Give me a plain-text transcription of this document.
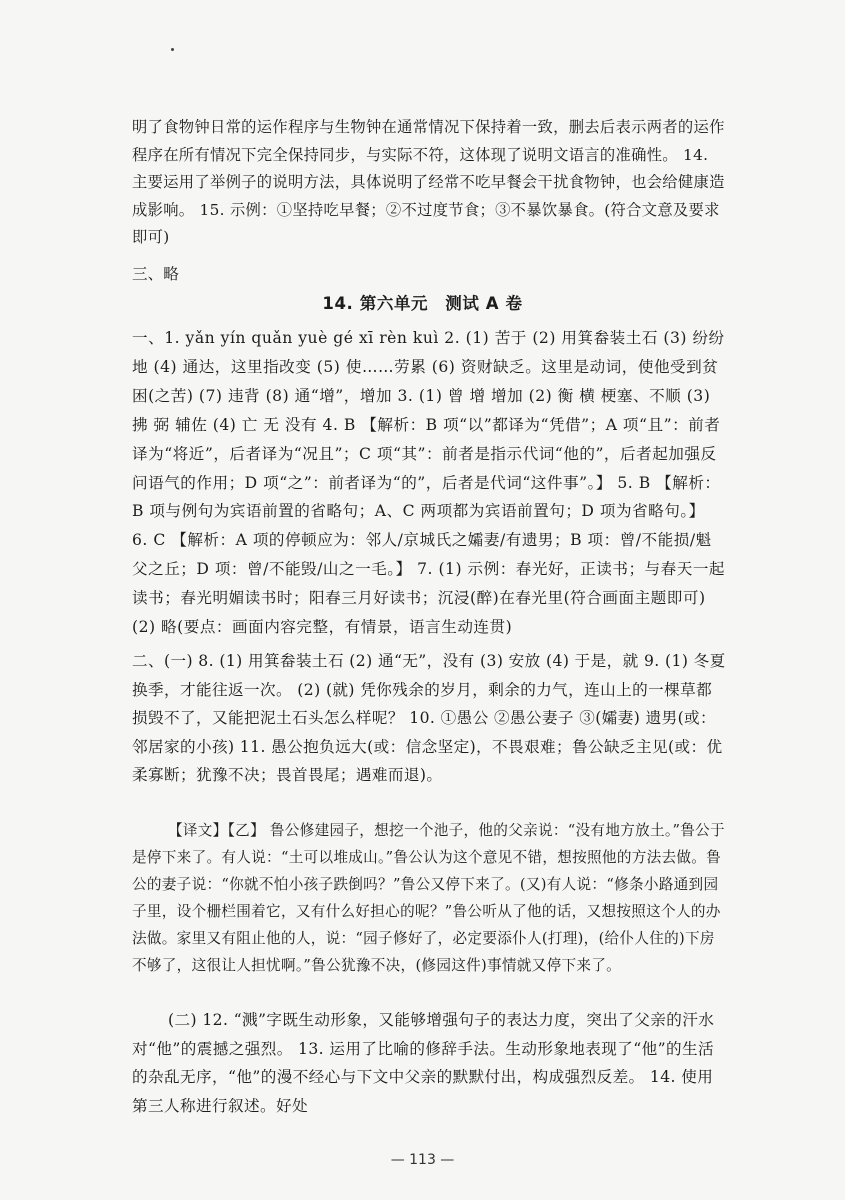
明了食物钟日常的运作程序与生物钟在通常情况下保持着一致，删去后表示两者的运作程序在所有情况下完全保持同步，与实际不符，这体现了说明文语言的准确性。 14. 主要运用了举例子的说明方法，具体说明了经常不吃早餐会干扰食物钟，也会给健康造成影响。 15. 示例：①坚持吃早餐；②不过度节食；③不暴饮暴食。(符合文意及要求即可)

三、略
14. 第六单元　测试 A 卷

一、1. yǎn yín quǎn yuè gé xī rèn kuì 2. (1) 苦于 (2) 用箕畚装土石 (3) 纷纷地 (4) 通达，这里指改变 (5) 使……劳累 (6) 资财缺乏。这里是动词，使他受到贫困(之苦) (7) 违背 (8) 通“增”，增加 3. (1) 曾 增 增加 (2) 衡 横 梗塞、不顺 (3) 拂 弼 辅佐 (4) 亡 无 没有 4. B 【解析：B 项“以”都译为“凭借”；A 项“且”：前者译为“将近”，后者译为“况且”；C 项“其”：前者是指示代词“他的”，后者起加强反问语气的作用；D 项“之”：前者译为“的”，后者是代词“这件事”。】 5. B 【解析：B 项与例句为宾语前置的省略句；A、C 两项都为宾语前置句；D 项为省略句。】 6. C 【解析：A 项的停顿应为：邻人/京城氏之孀妻/有遗男；B 项：曾/不能损/魁父之丘；D 项：曾/不能毁/山之一毛。】 7. (1) 示例：春光好，正读书；与春天一起读书；春光明媚读书时；阳春三月好读书；沉浸(醉)在春光里(符合画面主题即可) (2) 略(要点：画面内容完整，有情景，语言生动连贯)

二、(一) 8. (1) 用箕畚装土石 (2) 通“无”，没有 (3) 安放 (4) 于是，就 9. (1) 冬夏换季，才能往返一次。 (2) (就) 凭你残余的岁月，剩余的力气，连山上的一棵草都损毁不了，又能把泥土石头怎么样呢？ 10. ①愚公 ②愚公妻子 ③(孀妻) 遗男(或：邻居家的小孩) 11. 愚公抱负远大(或：信念坚定)，不畏艰难；鲁公缺乏主见(或：优柔寡断；犹豫不决；畏首畏尾；遇难而退)。

【译文】【乙】 鲁公修建园子，想挖一个池子，他的父亲说：“没有地方放土。”鲁公于是停下来了。有人说：“土可以堆成山。”鲁公认为这个意见不错，想按照他的方法去做。鲁公的妻子说：“你就不怕小孩子跌倒吗？”鲁公又停下来了。(又)有人说：“修条小路通到园子里，设个栅栏围着它，又有什么好担心的呢？”鲁公听从了他的话，又想按照这个人的办法做。家里又有阻止他的人，说：“园子修好了，必定要添仆人(打理)，(给仆人住的)下房不够了，这很让人担忧啊。”鲁公犹豫不决，(修园这件)事情就又停下来了。

(二) 12. “溅”字既生动形象，又能够增强句子的表达力度，突出了父亲的汗水对“他”的震撼之强烈。 13. 运用了比喻的修辞手法。生动形象地表现了“他”的生活的杂乱无序，“他”的漫不经心与下文中父亲的默默付出，构成强烈反差。 14. 使用第三人称进行叙述。好处

— 113 —
